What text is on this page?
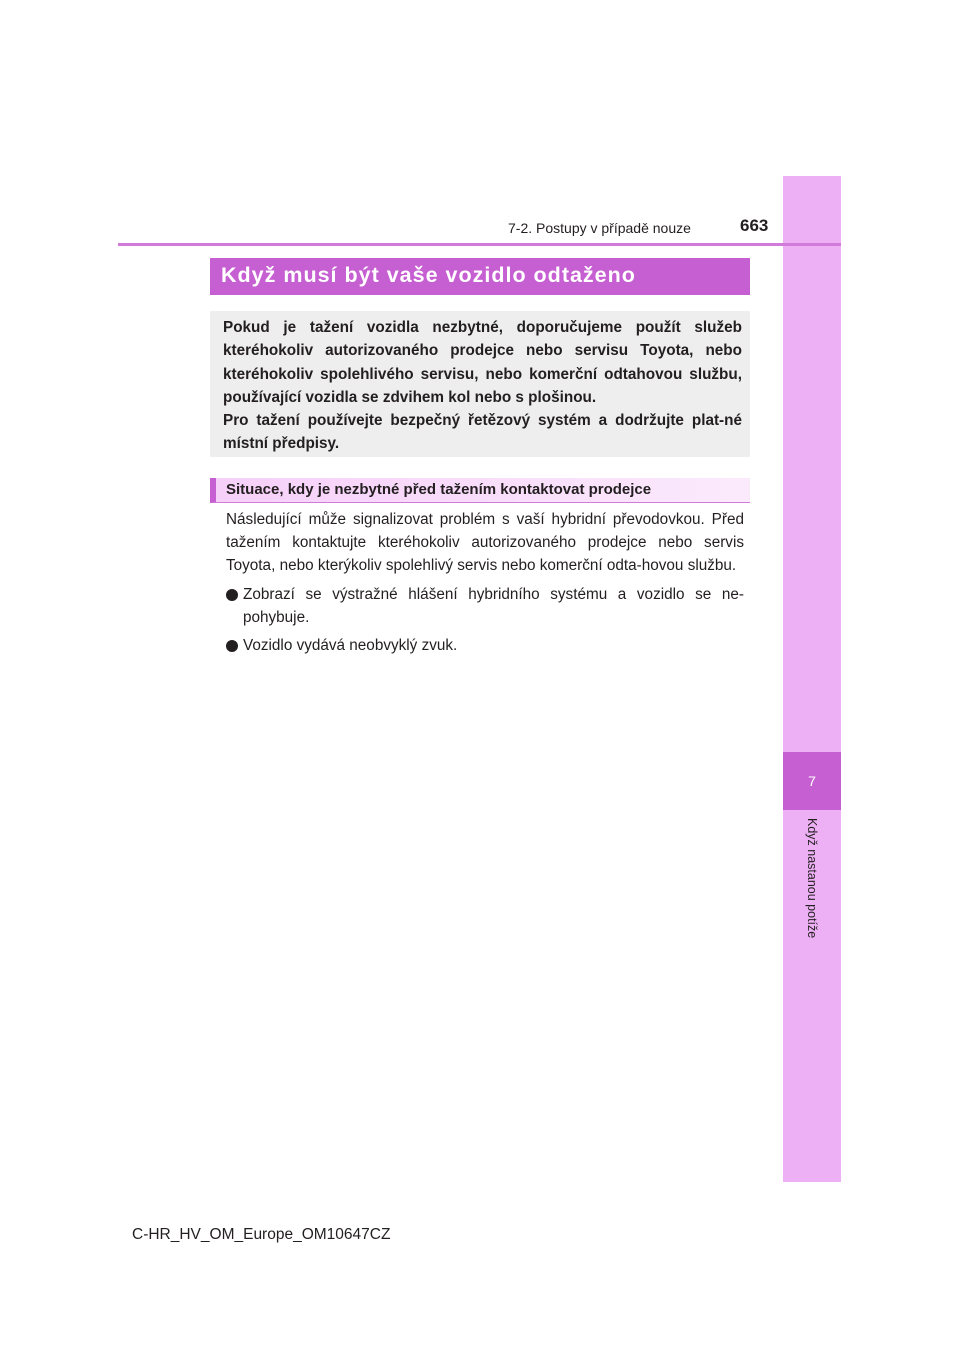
7
Když nastanou potíže
7-2. Postupy v případě nouze	663
Když musí být vaše vozidlo odtaženo

Pokud je tažení vozidla nezbytné, doporučujeme použít služeb kteréhokoliv autorizovaného prodejce nebo servisu Toyota, nebo kteréhokoliv spolehlivého servisu, nebo komerční odtahovou službu, používající vozidla se zdvihem kol nebo s plošinou.

Pro tažení používejte bezpečný řetězový systém a dodržujte plat-né místní předpisy.

Situace, kdy je nezbytné před tažením kontaktovat prodejce

Následující může signalizovat problém s vaší hybridní převodovkou. Před tažením kontaktujte kteréhokoliv autorizovaného prodejce nebo servis Toyota, nebo kterýkoliv spolehlivý servis nebo komerční odta-hovou službu.

Zobrazí se výstražné hlášení hybridního systému a vozidlo se ne-pohybuje.
Vozidlo vydává neobvyklý zvuk.
C-HR_HV_OM_Europe_OM10647CZ
